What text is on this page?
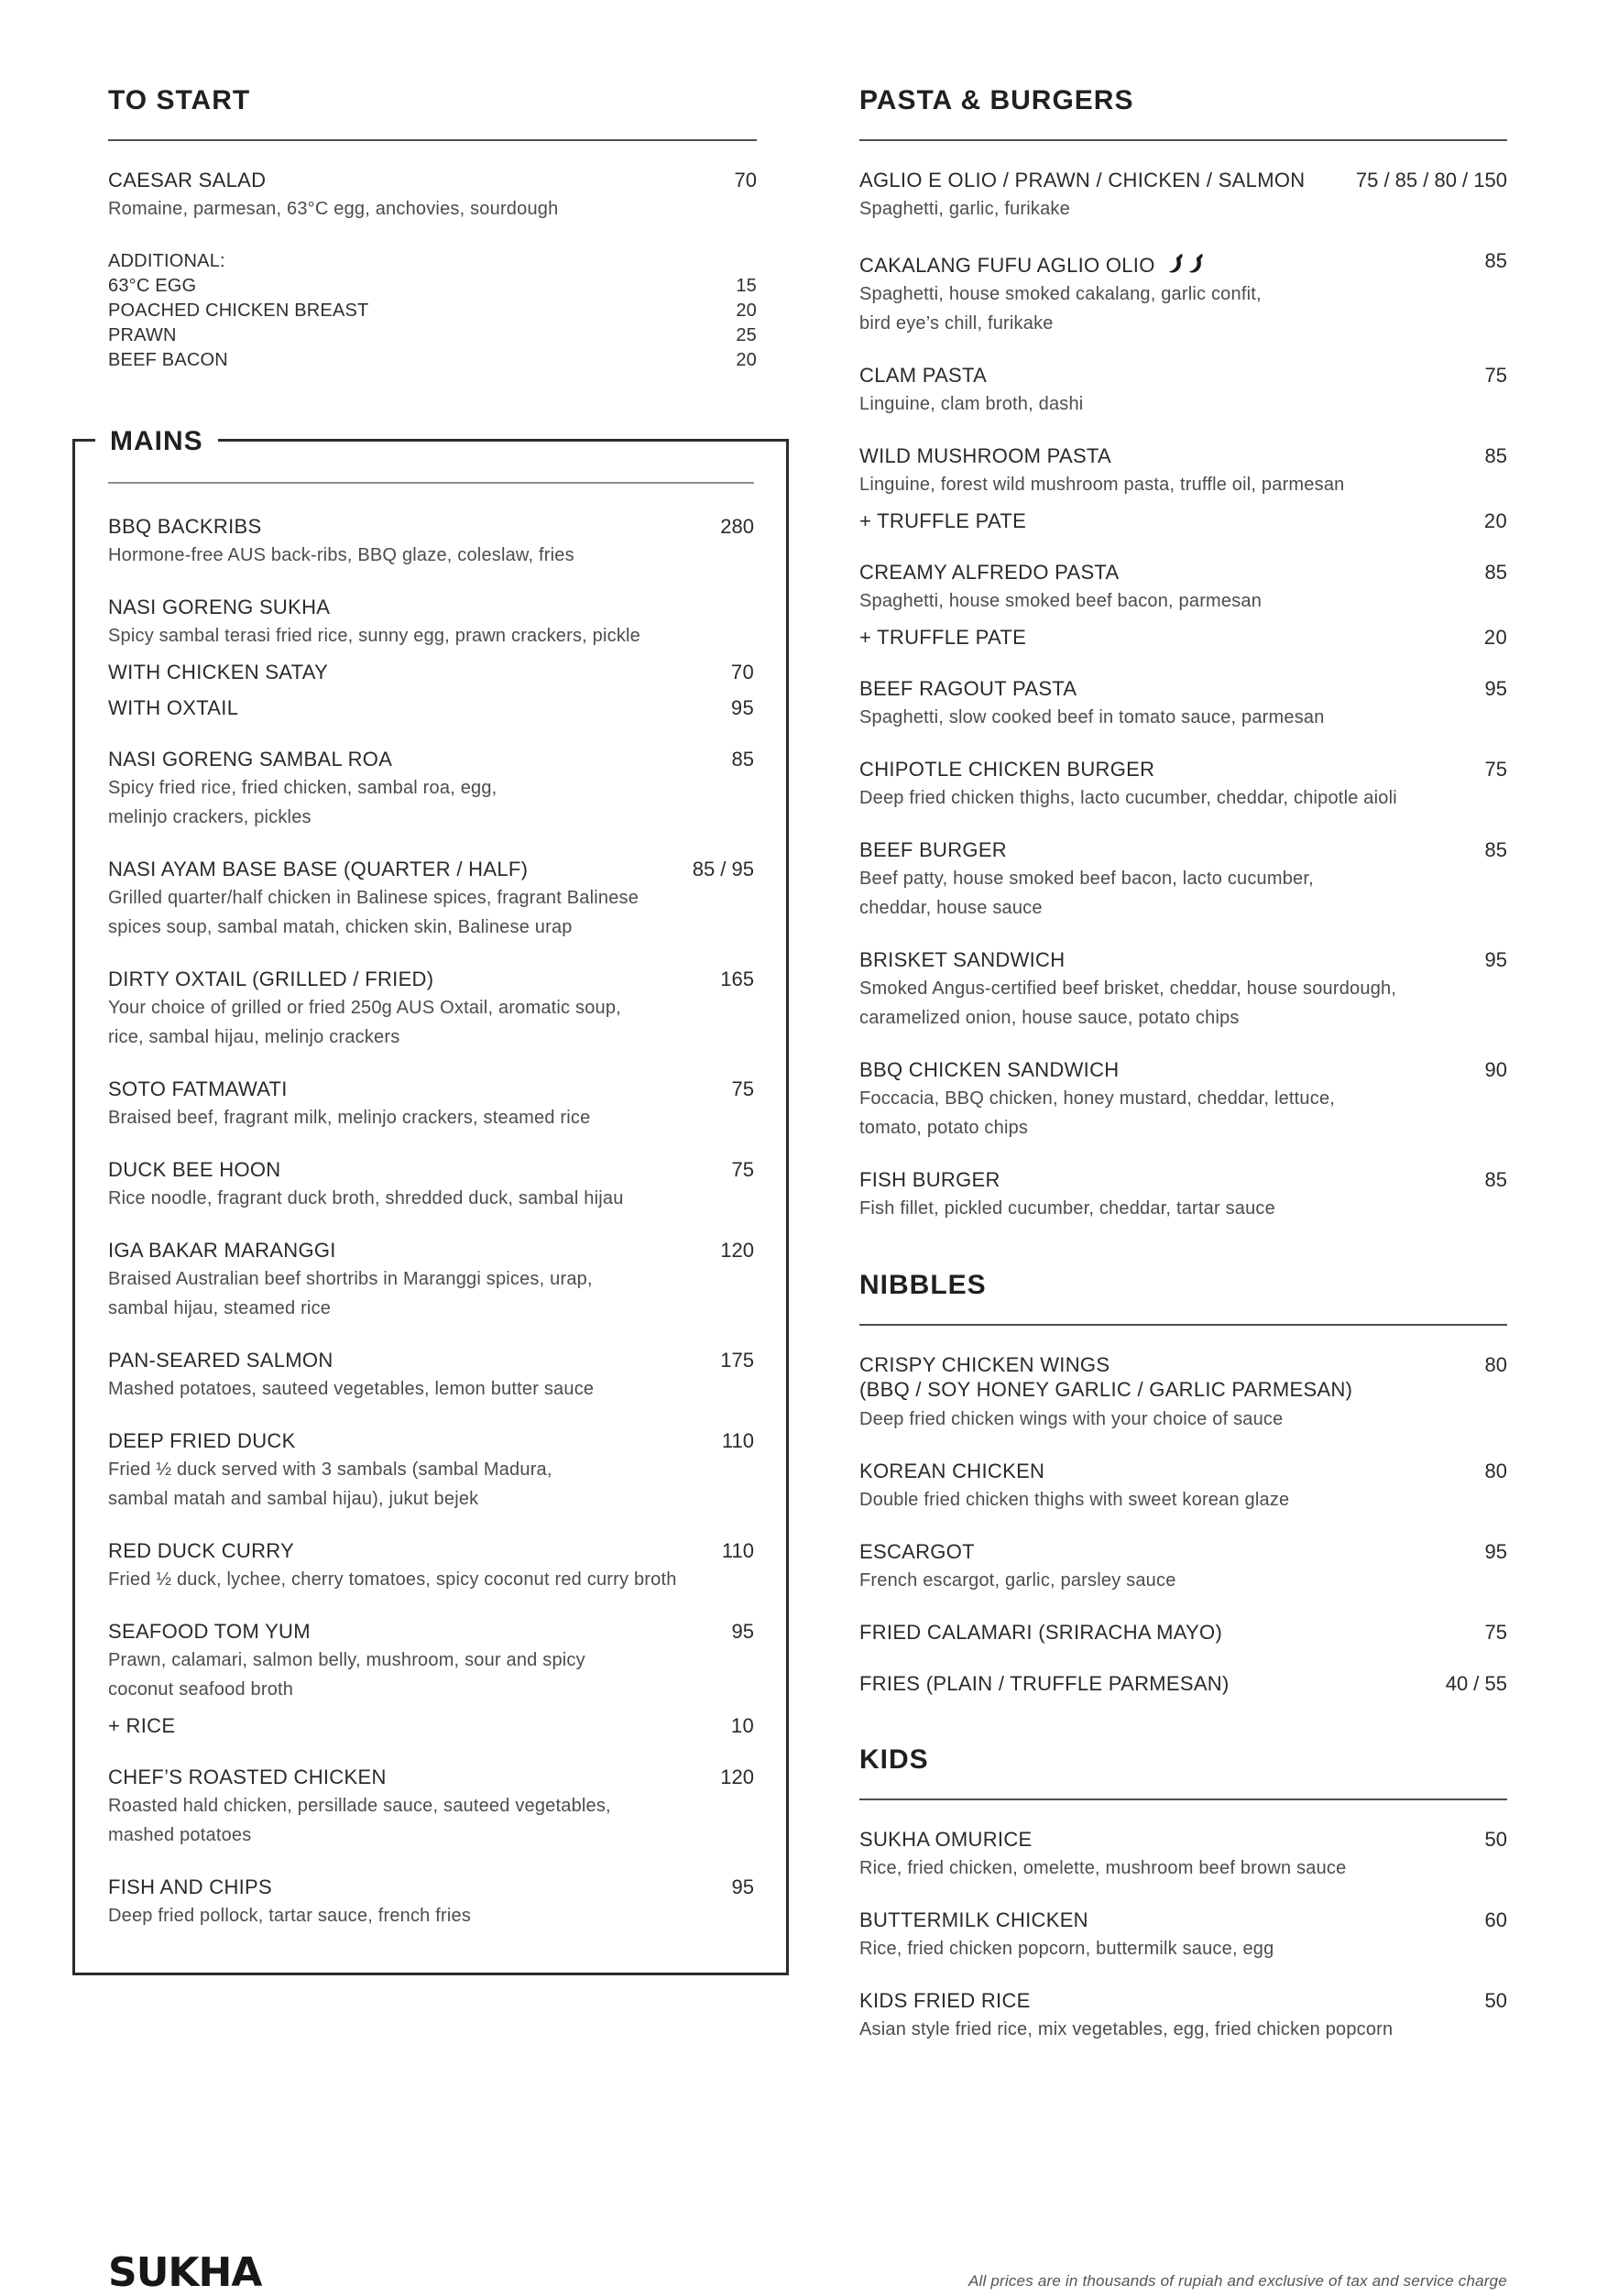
TO START
CAESAR SALAD	70
Romaine, parmesan, 63°C egg, anchovies, sourdough
ADDITIONAL:
63°C EGG	15
POACHED CHICKEN BREAST	20
PRAWN	25
BEEF BACON	20
MAINS
BBQ BACKRIBS	280
Hormone-free AUS back-ribs, BBQ glaze, coleslaw, fries
NASI GORENG SUKHA
Spicy sambal terasi fried rice, sunny egg, prawn crackers, pickle
WITH CHICKEN SATAY	70
WITH OXTAIL	95
NASI GORENG SAMBAL ROA	85
Spicy fried rice, fried chicken, sambal roa, egg,
melinjo crackers, pickles
NASI AYAM BASE BASE (QUARTER / HALF)	85 / 95
Grilled quarter/half chicken in Balinese spices, fragrant Balinese
spices soup, sambal matah, chicken skin, Balinese urap
DIRTY OXTAIL (GRILLED / FRIED)	165
Your choice of grilled or fried 250g AUS Oxtail, aromatic soup,
rice, sambal hijau, melinjo crackers
SOTO FATMAWATI	75
Braised beef, fragrant milk, melinjo crackers, steamed rice
DUCK BEE HOON	75
Rice noodle, fragrant duck broth, shredded duck, sambal hijau
IGA BAKAR MARANGGI	120
Braised Australian beef shortribs in Maranggi spices, urap,
sambal hijau, steamed rice
PAN-SEARED SALMON	175
Mashed potatoes, sauteed vegetables, lemon butter sauce
DEEP FRIED DUCK	110
Fried ½ duck served with 3 sambals (sambal Madura,
sambal matah and sambal hijau), jukut bejek
RED DUCK CURRY	110
Fried ½ duck, lychee, cherry tomatoes, spicy coconut red curry broth
SEAFOOD TOM YUM	95
Prawn, calamari, salmon belly, mushroom, sour and spicy
coconut seafood broth
+ RICE	10
CHEF’S ROASTED CHICKEN	120
Roasted hald chicken, persillade sauce, sauteed vegetables,
mashed potatoes
FISH AND CHIPS	95
Deep fried pollock, tartar sauce, french fries
PASTA & BURGERS
AGLIO E OLIO / PRAWN / CHICKEN / SALMON	75 / 85 / 80 / 150
Spaghetti, garlic, furikake
CAKALANG FUFU AGLIO OLIO	85
Spaghetti, house smoked cakalang, garlic confit,
bird eye’s chill, furikake
CLAM PASTA	75
Linguine, clam broth, dashi
WILD MUSHROOM PASTA	85
Linguine, forest wild mushroom pasta, truffle oil, parmesan
+ TRUFFLE PATE	20
CREAMY ALFREDO PASTA	85
Spaghetti, house smoked beef bacon, parmesan
+ TRUFFLE PATE	20
BEEF RAGOUT PASTA	95
Spaghetti, slow cooked beef in tomato sauce, parmesan
CHIPOTLE CHICKEN BURGER	75
Deep fried chicken thighs, lacto cucumber, cheddar, chipotle aioli
BEEF BURGER	85
Beef patty, house smoked beef bacon, lacto cucumber,
cheddar, house sauce
BRISKET SANDWICH	95
Smoked Angus-certified beef brisket, cheddar, house sourdough,
caramelized onion, house sauce, potato chips
BBQ CHICKEN SANDWICH	90
Foccacia, BBQ chicken, honey mustard, cheddar, lettuce,
tomato, potato chips
FISH BURGER	85
Fish fillet, pickled cucumber, cheddar, tartar sauce
NIBBLES
CRISPY CHICKEN WINGS	80
(BBQ / SOY HONEY GARLIC / GARLIC PARMESAN)
Deep fried chicken wings with your choice of sauce
KOREAN CHICKEN	80
Double fried chicken thighs with sweet korean glaze
ESCARGOT	95
French escargot, garlic, parsley sauce
FRIED CALAMARI (SRIRACHA MAYO)	75
FRIES (PLAIN / TRUFFLE PARMESAN)	40 / 55
KIDS
SUKHA OMURICE	50
Rice, fried chicken, omelette, mushroom beef brown sauce
BUTTERMILK CHICKEN	60
Rice, fried chicken popcorn, buttermilk sauce, egg
KIDS FRIED RICE	50
Asian style fried rice, mix vegetables, egg, fried chicken popcorn
SUKHA	All prices are in thousands of rupiah and exclusive of tax and service charge
